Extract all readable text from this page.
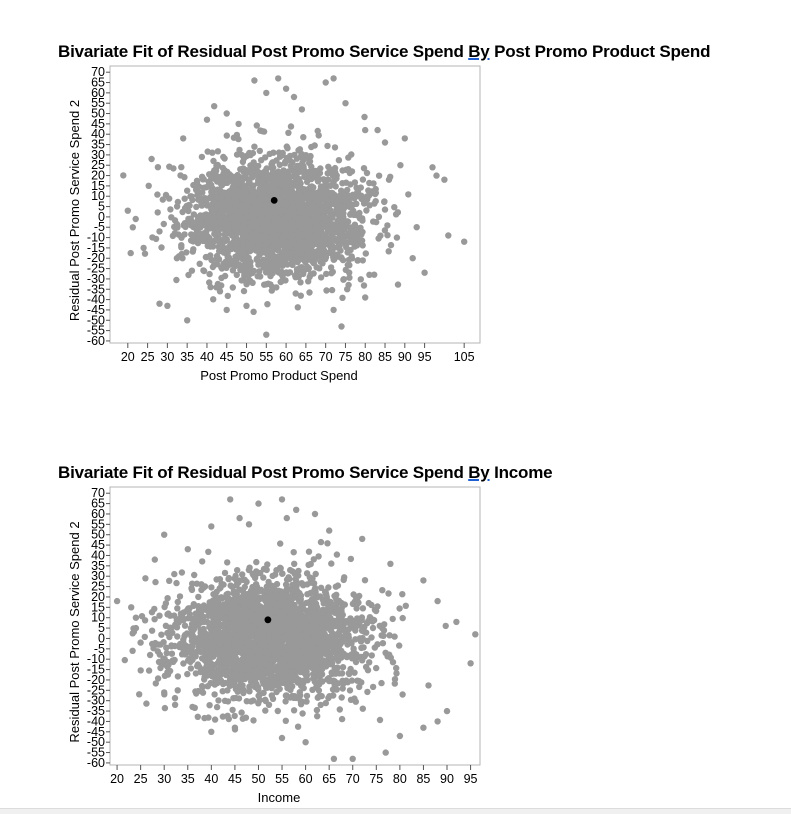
Bivariate Fit of Residual Post Promo Service Spend By Post Promo Product Spend
70
65
60
55
50
45
40
35
30
25
20
15
10
5
0
-5
-10
-15
-20
-25
-30
-35
-40
-45
-50
-55
-60
20 25 30 35 40 45 50 55 60 65 70 75 80 85 90 95 105
Post Promo Product Spend
Residual Post Promo Service Spend 2
Bivariate Fit of Residual Post Promo Service Spend By Income
70
65
60
55
50
45
40
35
30
25
20
15
10
5
0
-5
-10
-15
-20
-25
-30
-35
-40
-45
-50
-55
-60
20 25 30 35 40 45 50 55 60 65 70 75 80 85 90 95
Income
Residual Post Promo Service Spend 2
